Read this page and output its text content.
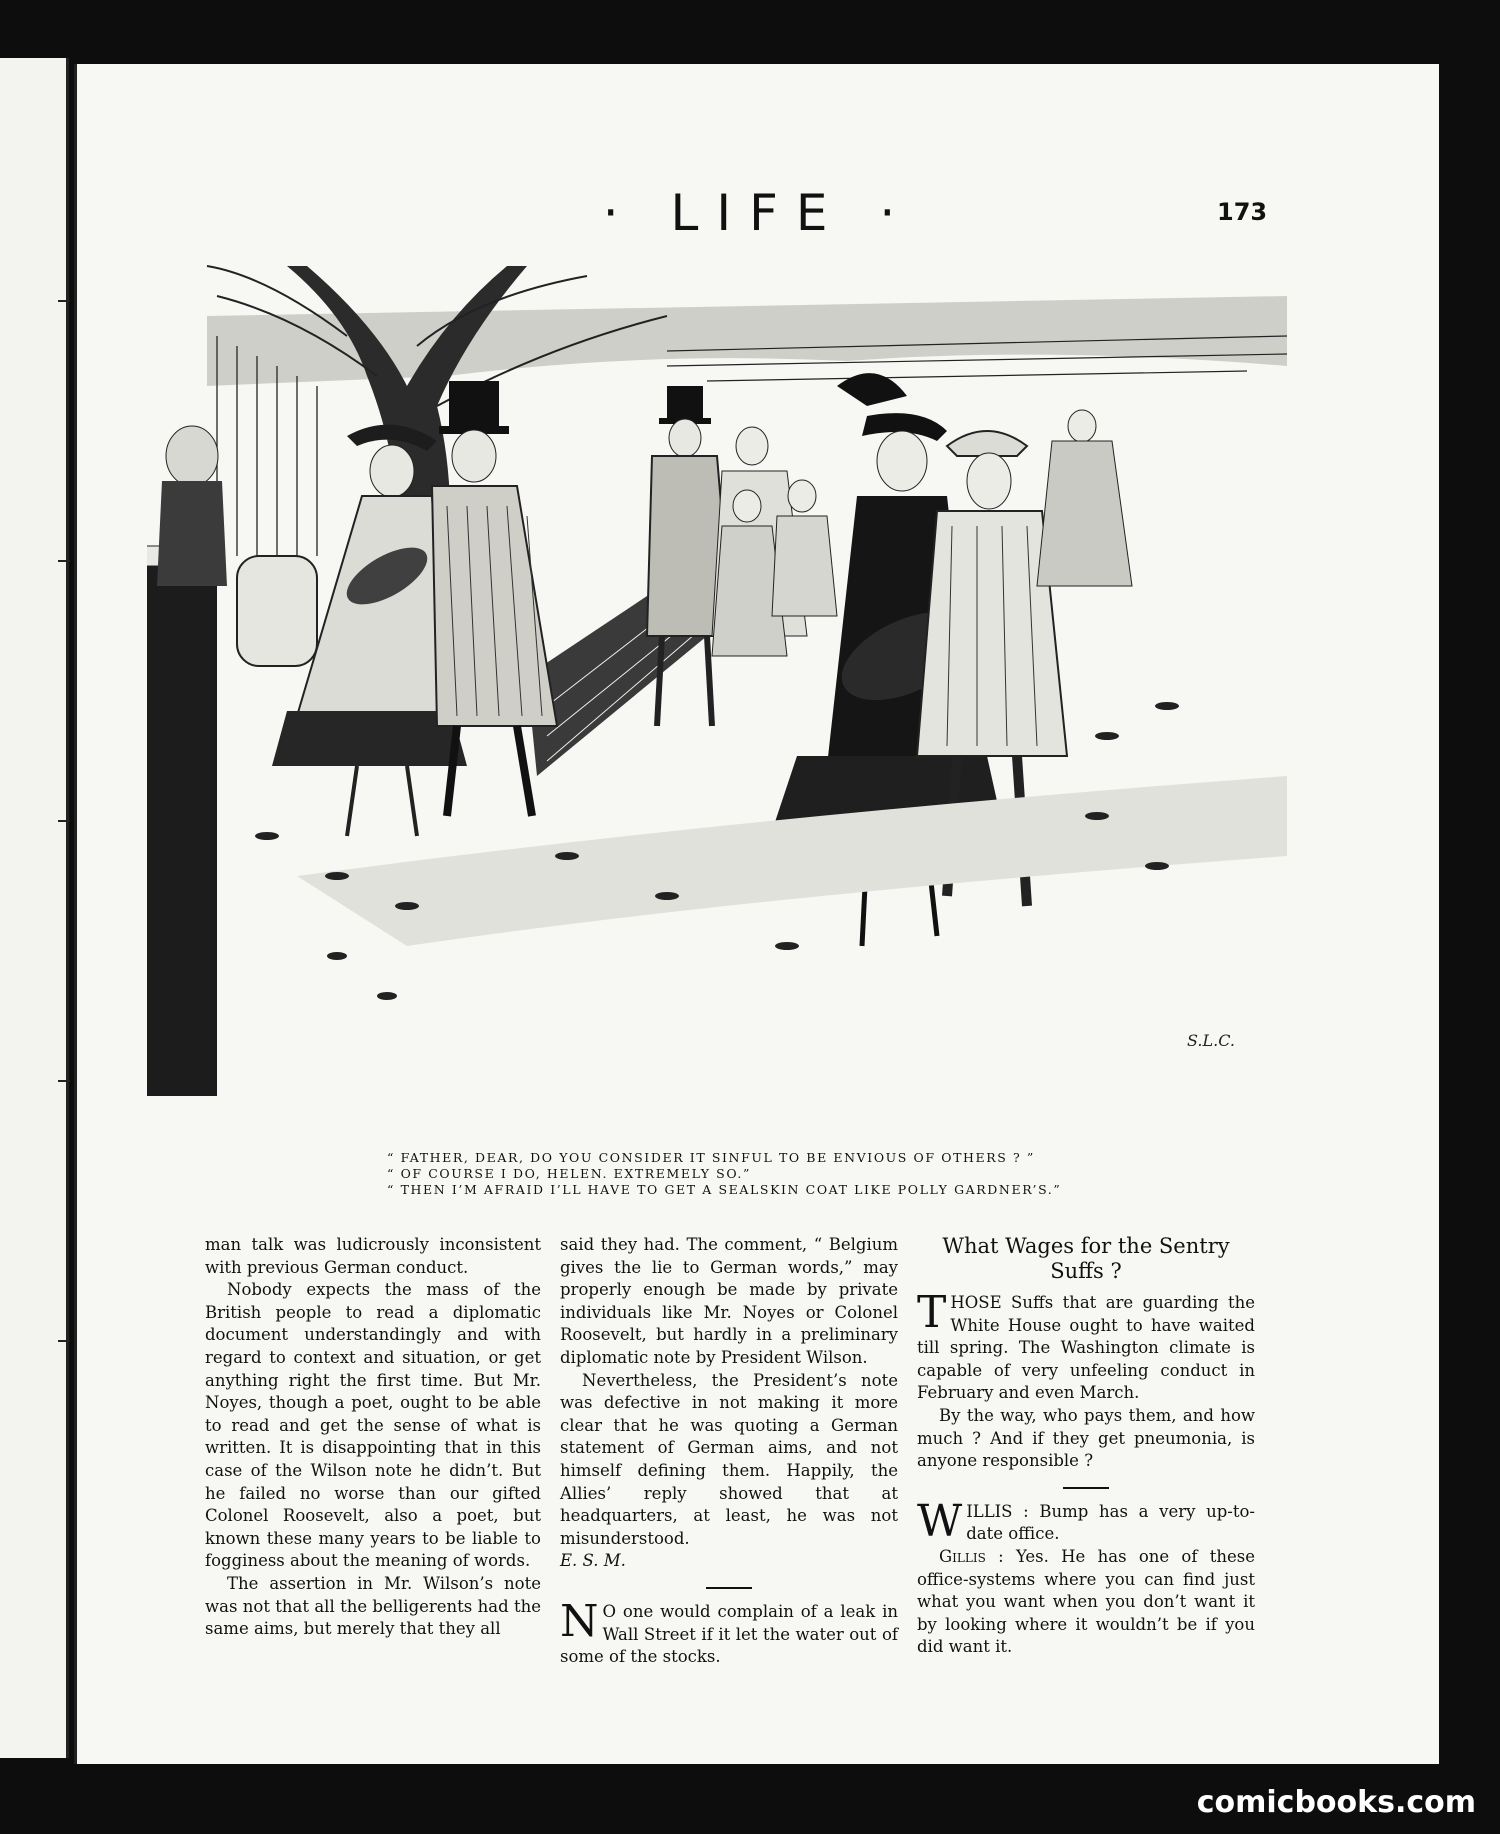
· LIFE ·	173
S.L.C.
“ FATHER, DEAR, DO YOU CONSIDER IT SINFUL TO BE ENVIOUS OF OTHERS ? ”
“ OF COURSE I DO, HELEN. EXTREMELY SO.”
“ THEN I’M AFRAID I’LL HAVE TO GET A SEALSKIN COAT LIKE POLLY GARDNER’S.”

man talk was ludicrously inconsistent with previous German conduct.

Nobody expects the mass of the British people to read a diplomatic document understandingly and with regard to context and situation, or get anything right the first time. But Mr. Noyes, though a poet, ought to be able to read and get the sense of what is written. It is disappointing that in this case of the Wilson note he didn’t. But he failed no worse than our gifted Colonel Roosevelt, also a poet, but known these many years to be liable to fogginess about the meaning of words.

The assertion in Mr. Wilson’s note was not that all the belligerents had the same aims, but merely that they all

said they had. The comment, “ Belgium gives the lie to German words,” may properly enough be made by private individuals like Mr. Noyes or Colonel Roosevelt, but hardly in a preliminary diplomatic note by President Wilson.

Nevertheless, the President’s note was defective in not making it more clear that he was quoting a German statement of German aims, and not himself defining them. Happily, the Allies’ reply showed that at headquarters, at least, he was not misunderstood.

E. S. M.

N O one would complain of a leak in Wall Street if it let the water out of some of the stocks.

What Wages for the Sentry Suffs ?

THOSE Suffs that are guarding the White House ought to have waited till spring. The Washington climate is capable of very unfeeling conduct in February and even March.

By the way, who pays them, and how much ? And if they get pneumonia, is anyone responsible ?

WILLIS : Bump has a very up-to-date office.

Gillis : Yes. He has one of these office-systems where you can find just what you want when you don’t want it by looking where it wouldn’t be if you did want it.

comicbooks.com
